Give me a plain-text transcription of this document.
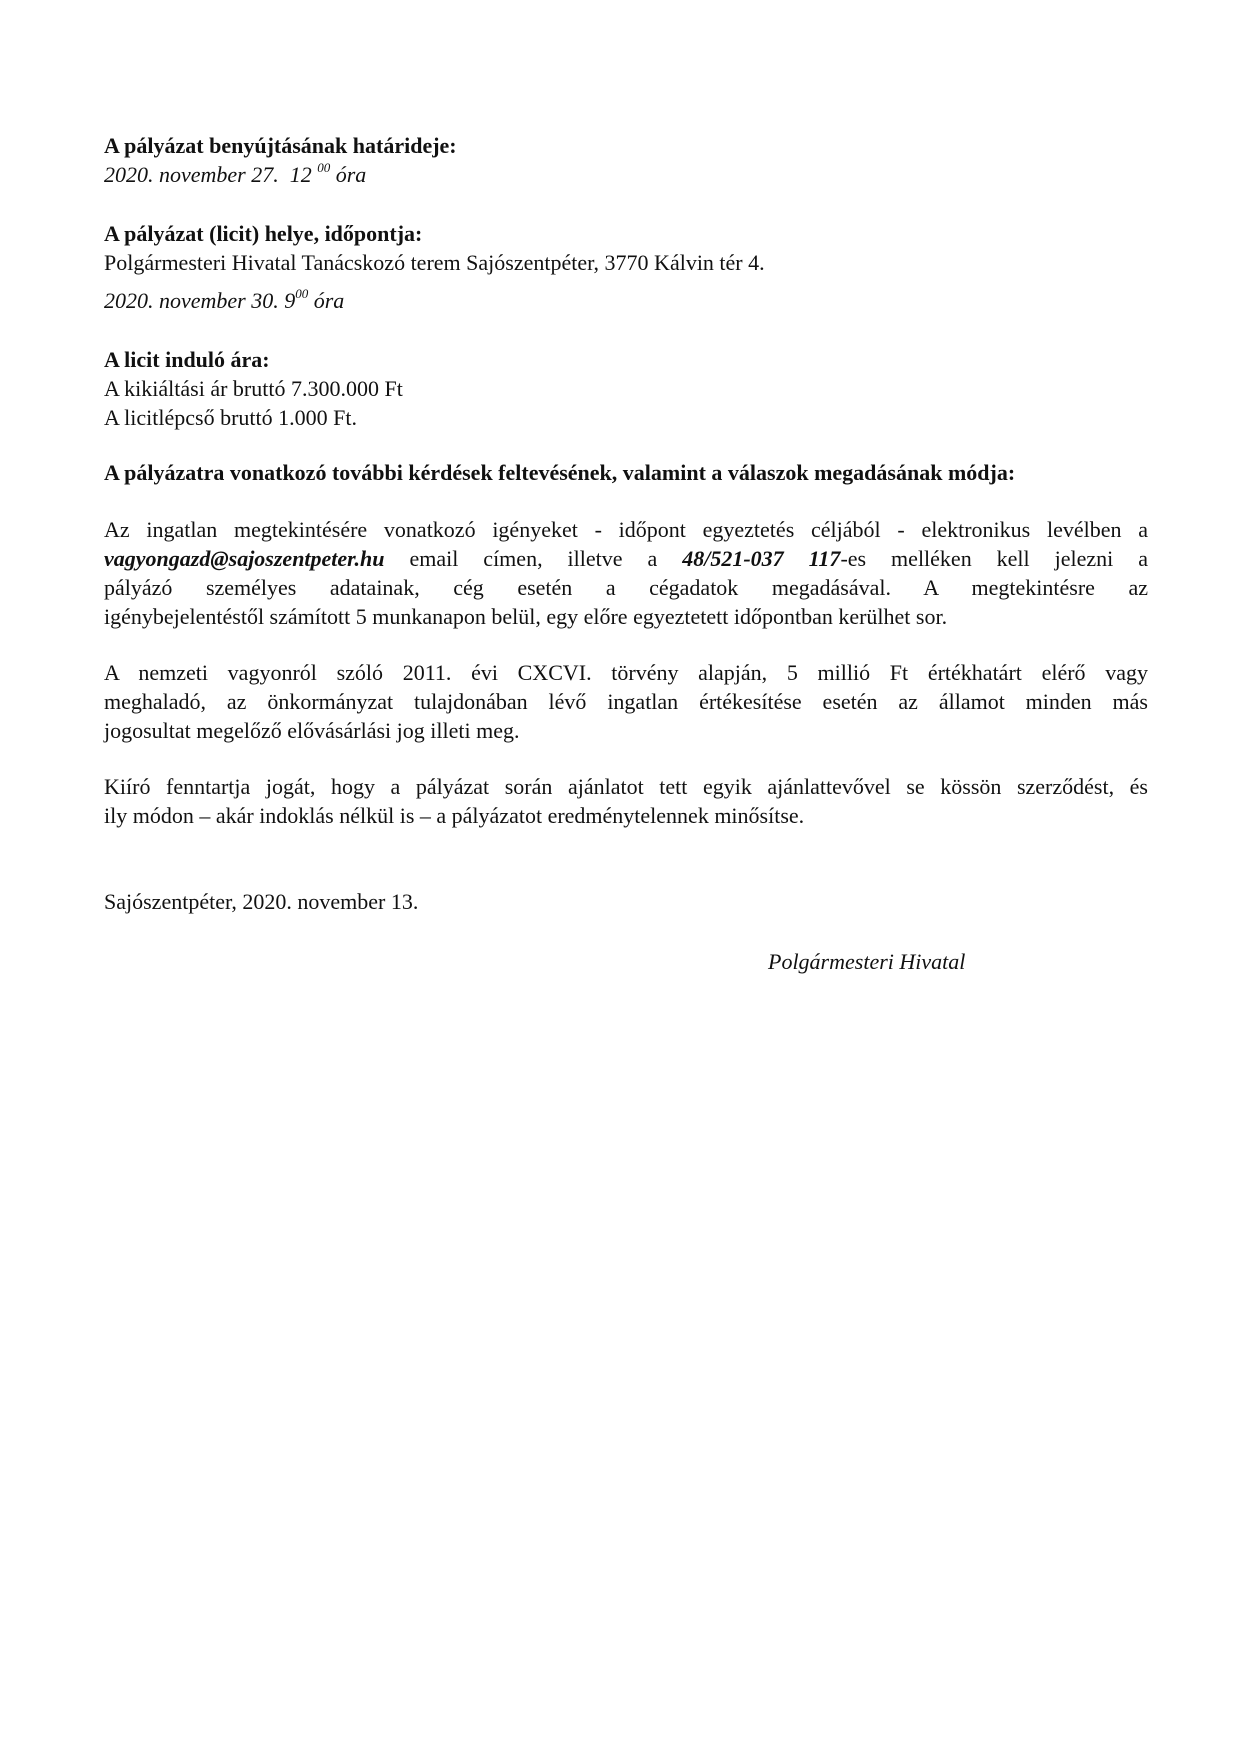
A pályázat benyújtásának határideje:
2020. november 27. 12 $^{00}$ óra
A pályázat (licit) helye, időpontja:
Polgármesteri Hivatal Tanácskozó terem Sajószentpéter, 3770 Kálvin tér 4.
2020. november 30. $9^{00}$ óra
A licit induló ára:
A kikiáltási ár bruttó 7.300.000 Ft
A licitlépcső bruttó 1.000 Ft.
A pályázatra vonatkozó további kérdések feltevésének, valamint a válaszok megadásának módja:
Az ingatlan megtekintésére vonatkozó igényeket - időpont egyeztetés céljából - elektronikus levélben a
vagyongazd@sajoszentpeter.hu email címen, illetve a 48/521-037 117-es melléken kell jelezni a
pályázó személyes adatainak, cég esetén a cégadatok megadásával. A megtekintésre az
igénybejelentéstől számított 5 munkanapon belül, egy előre egyeztetett időpontban kerülhet sor.
A nemzeti vagyonról szóló 2011. évi CXCVI. törvény alapján, 5 millió Ft értékhatárt elérő vagy
meghaladó, az önkormányzat tulajdonában lévő ingatlan értékesítése esetén az államot minden más
jogosultat megelőző elővásárlási jog illeti meg.
Kiíró fenntartja jogát, hogy a pályázat során ajánlatot tett egyik ajánlattevővel se kössön szerződést, és
ily módon – akár indoklás nélkül is – a pályázatot eredménytelennek minősítse.
Sajószentpéter, 2020. november 13.
Polgármesteri Hivatal
